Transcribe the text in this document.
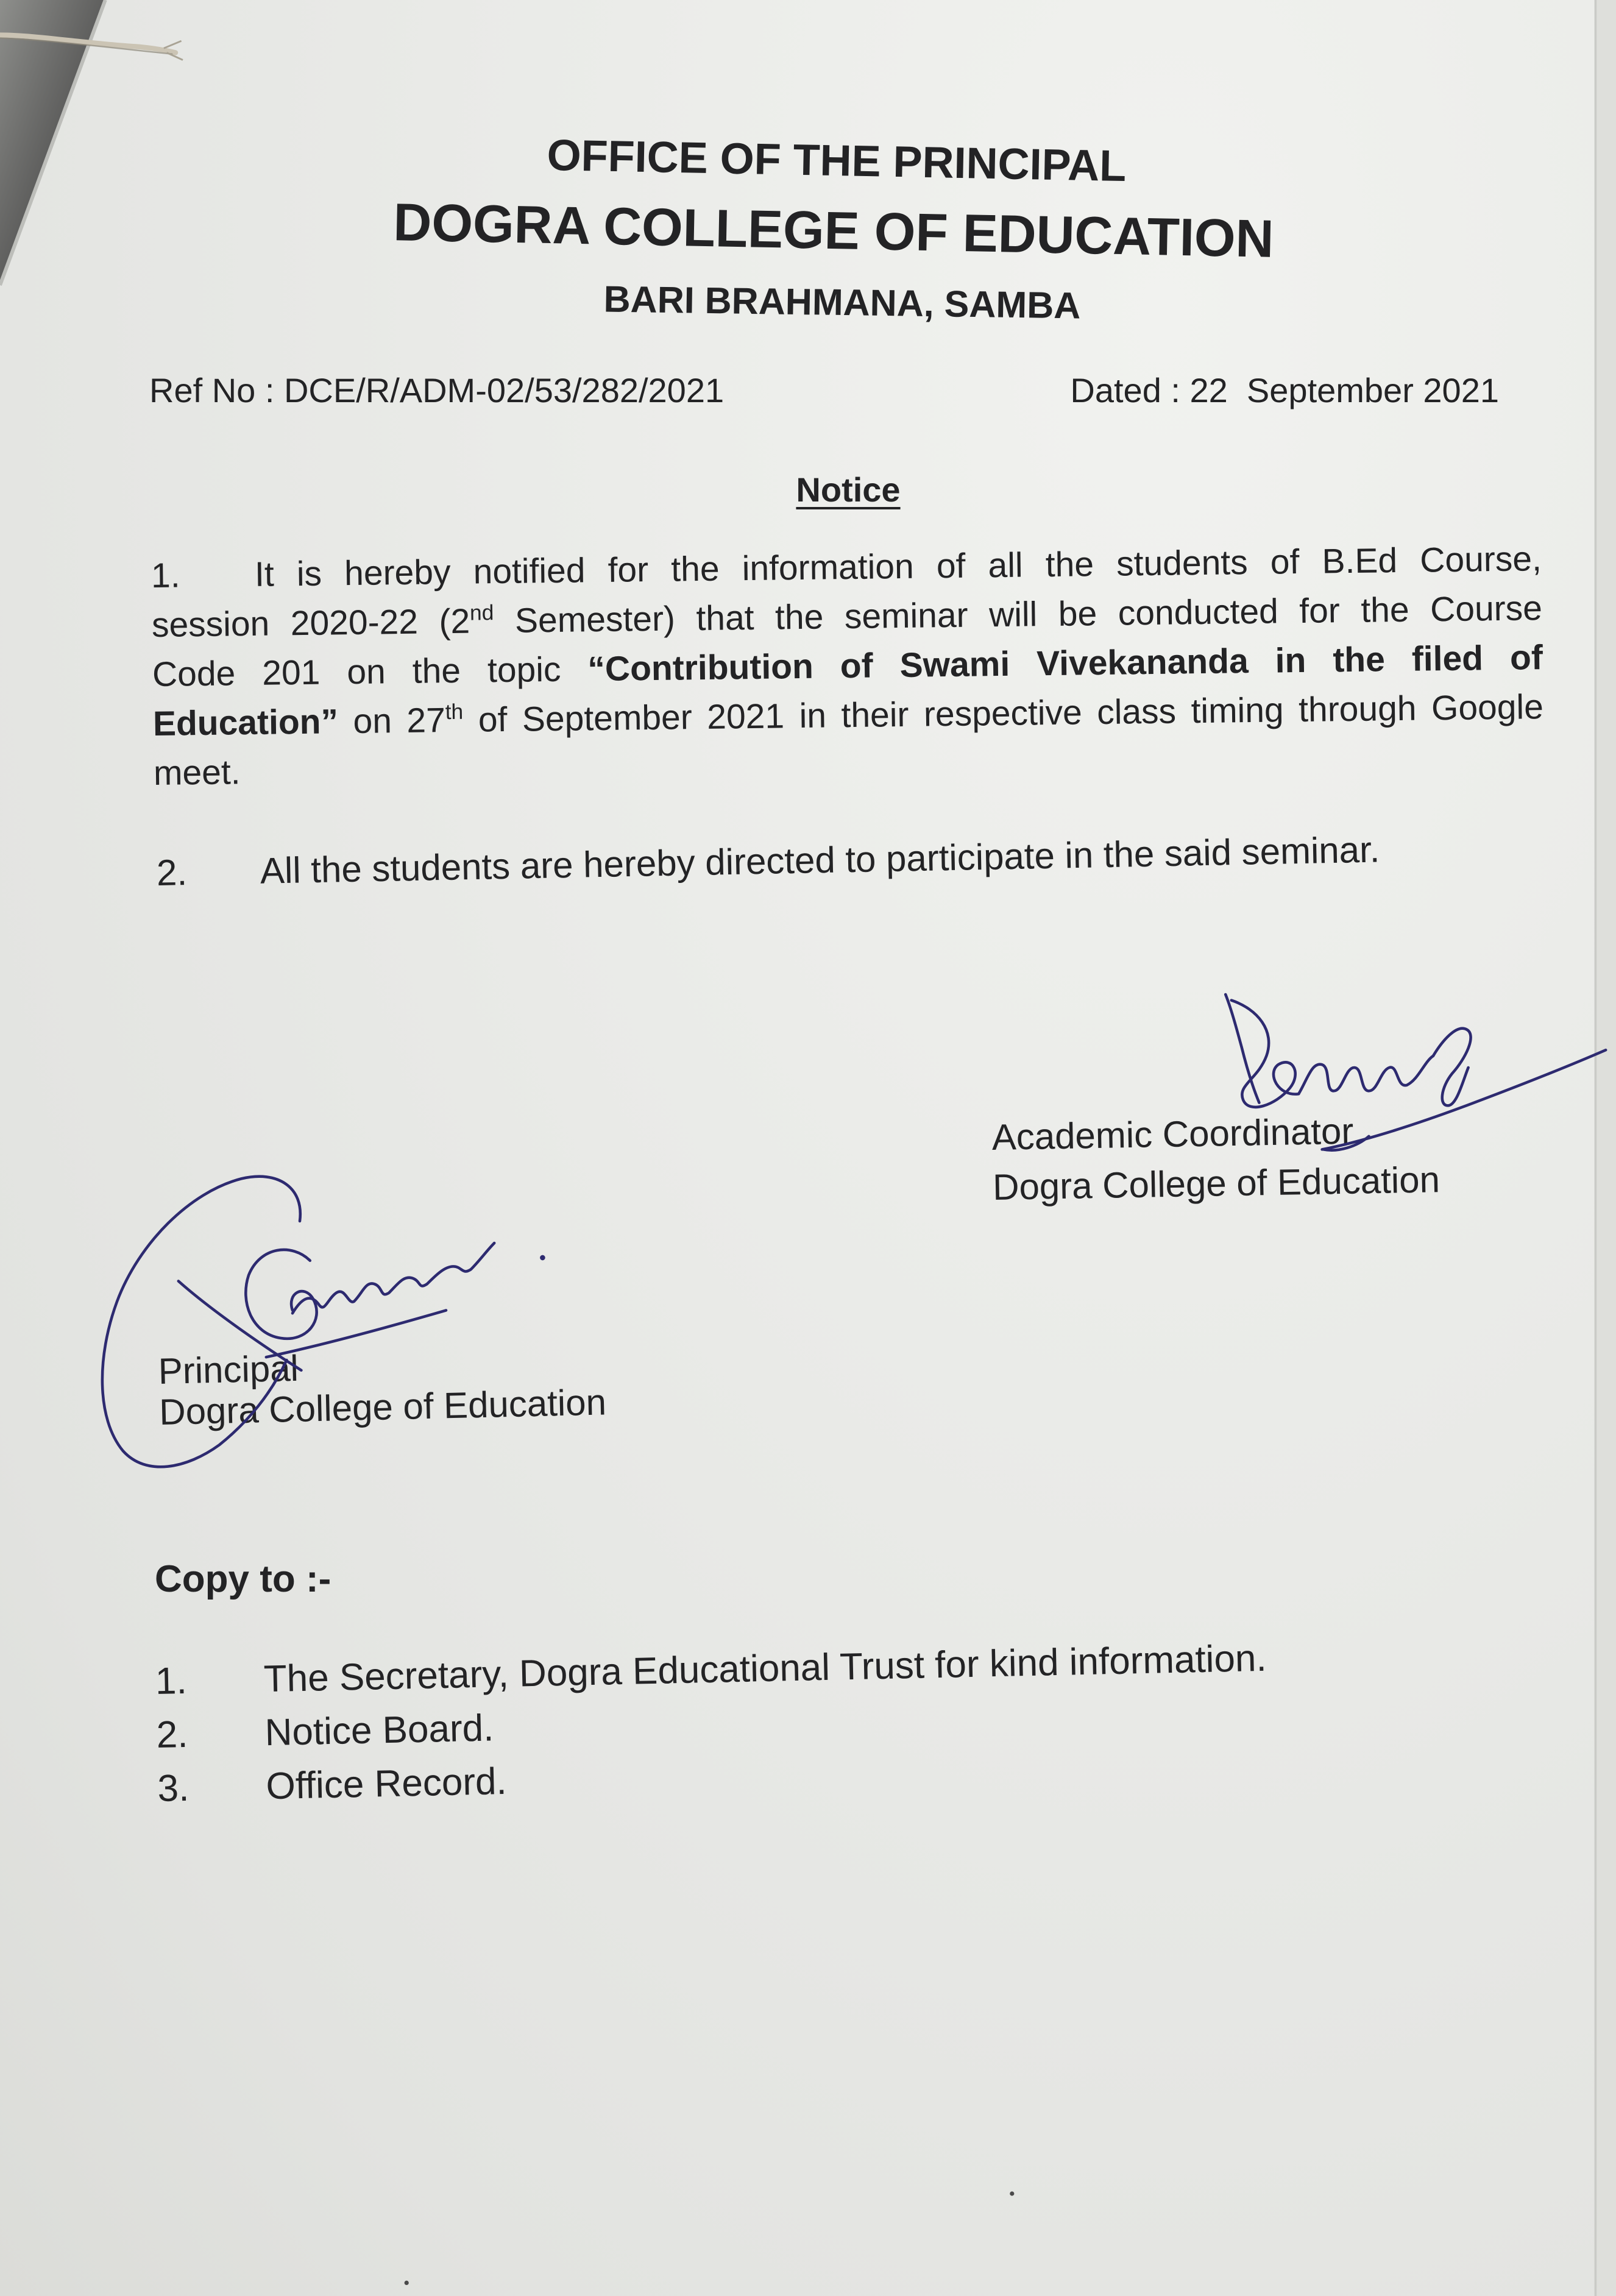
OFFICE OF THE PRINCIPAL
DOGRA COLLEGE OF EDUCATION
BARI BRAHMANA, SAMBA
Ref No : DCE/R/ADM-02/53/282/2021	Dated : 22  September 2021
Notice
1.	It is hereby notified for the information of all the students of B.Ed Course,
session 2020-22 (2nd Semester) that the seminar will be conducted for the Course
Code 201 on the topic “Contribution of Swami Vivekananda in the filed of
Education” on 27th of September 2021 in their respective class timing through Google
meet.
2.	All the students are hereby directed to participate in the said seminar.
Academic Coordinator
Dogra College of Education
Principal
Dogra College of Education
Copy to :-
1.	The Secretary, Dogra Educational Trust for kind information.
2.	Notice Board.
3.	Office Record.
